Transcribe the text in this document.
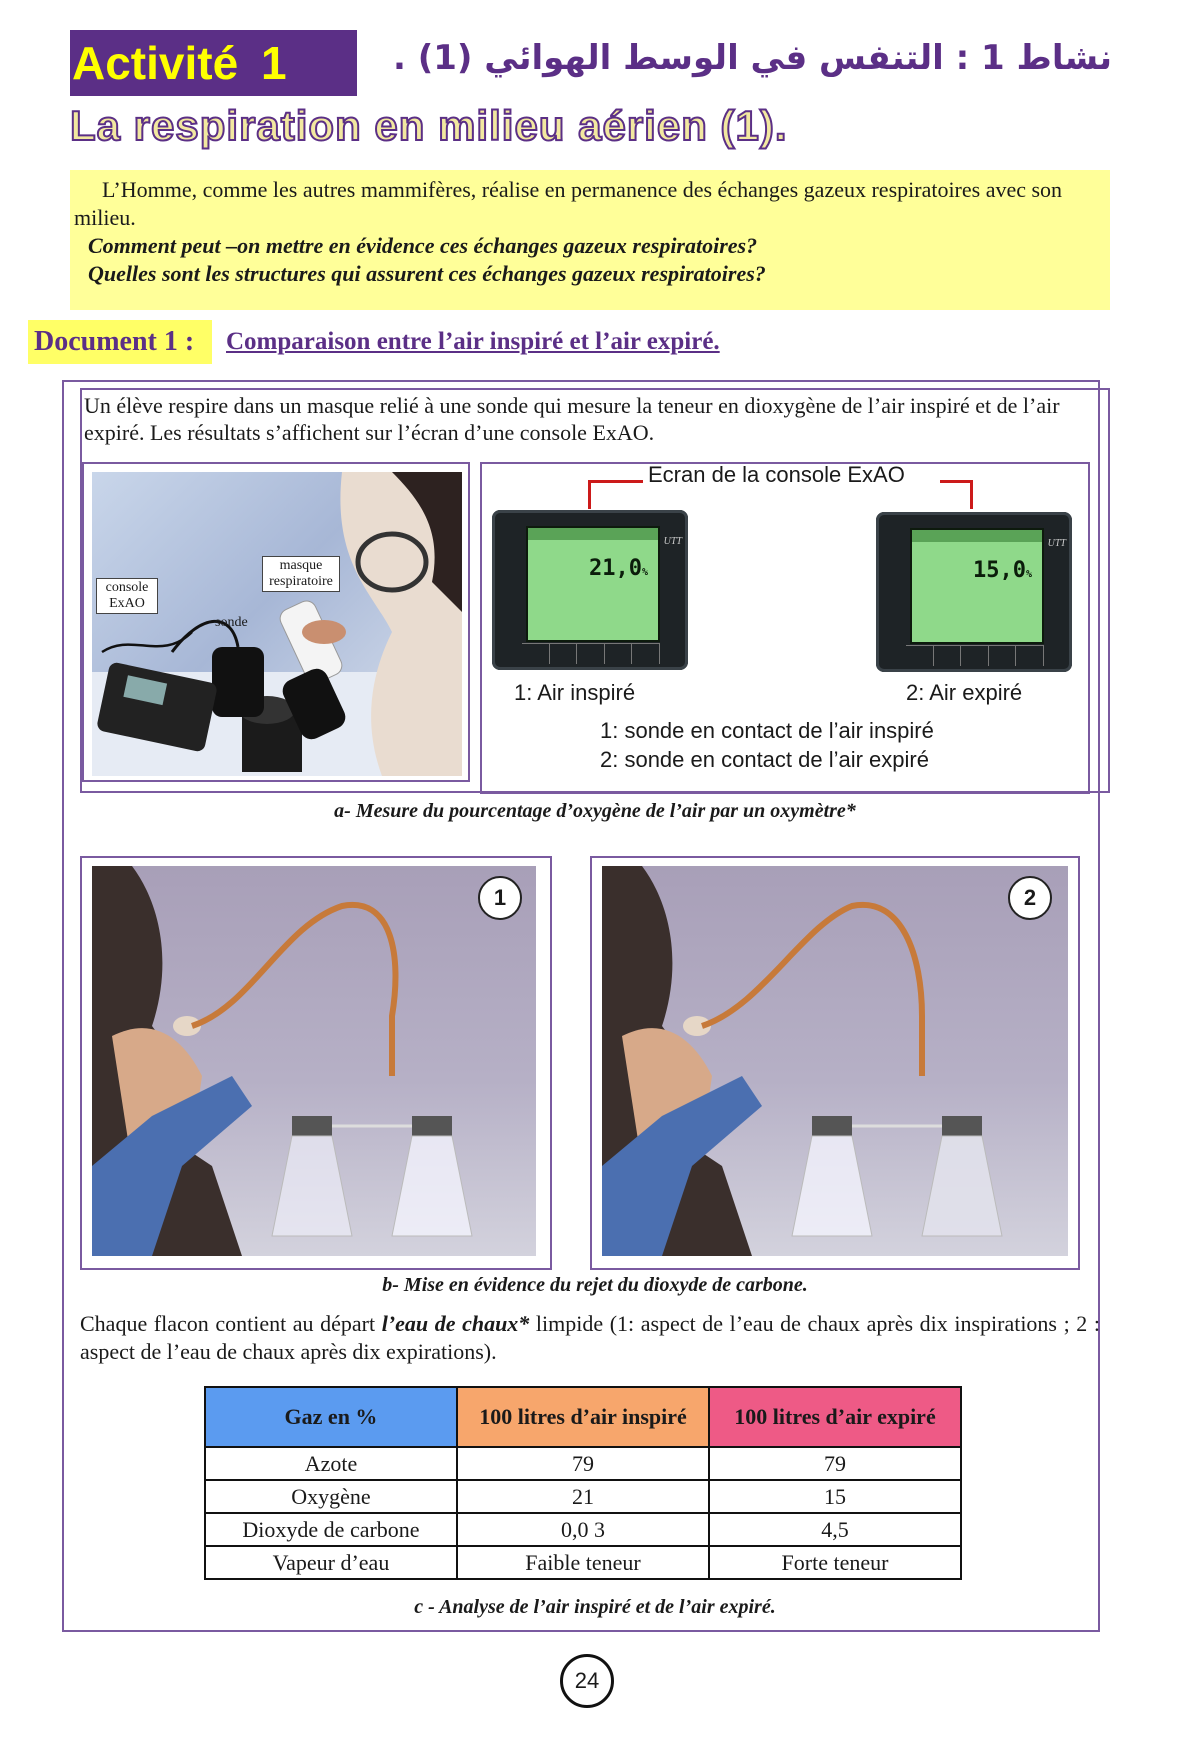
Activité 1	نشاط 1 : التنفس في الوسط الهوائي (1) .
La respiration en milieu aérien (1).
L’Homme, comme les autres mammifères, réalise en permanence des échanges gazeux respiratoires avec son milieu.
Comment peut –on mettre en évidence ces échanges gazeux respiratoires?
Quelles sont les structures qui assurent ces échanges gazeux respiratoires?
Document 1 :	Comparaison entre l’air inspiré et l’air expiré.
Un élève respire dans un masque relié à une sonde qui mesure la teneur en dioxygène de l’air inspiré et de l’air expiré. Les résultats s’affichent sur l’écran d’une console ExAO.
console ExAO
sonde
masque respiratoire
Ecran de la console ExAO
21,0%
UTT
15,0%
UTT
1: Air inspiré	2: Air expiré
1: sonde en contact de l’air inspiré
2: sonde en contact de l’air expiré
a- Mesure du pourcentage d’oxygène de l’air par un oxymètre*
1	2
b- Mise en évidence du rejet du dioxyde de carbone.
Chaque flacon contient au départ l’eau de chaux* limpide (1: aspect de l’eau de chaux après dix inspirations ; 2 : aspect de l’eau de chaux après dix expirations).
Gaz en %	100 litres d’air inspiré	100 litres d’air expiré
Azote	79	79
Oxygène	21	15
Dioxyde de carbone	0,0 3	4,5
Vapeur d’eau	Faible teneur	Forte teneur
c - Analyse de l’air inspiré et de l’air expiré.
24
